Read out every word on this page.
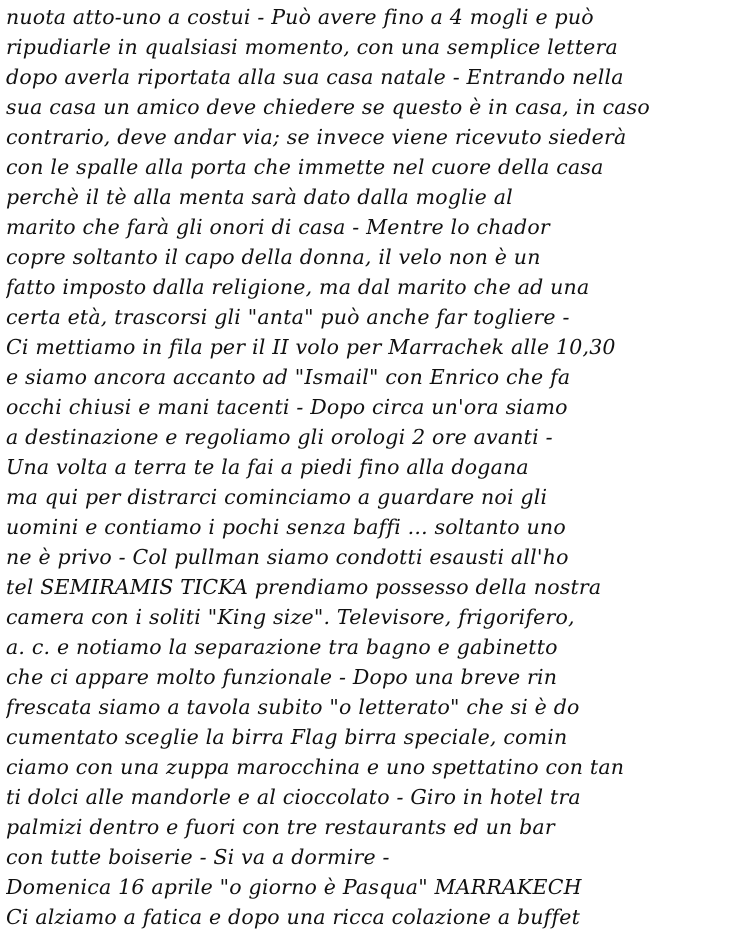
nuota atto-uno a costui - Può avere fino a 4 mogli e può
ripudiarle in qualsiasi momento, con una semplice lettera
dopo averla riportata alla sua casa natale - Entrando nella
sua casa un amico deve chiedere se questo è in casa, in caso
contrario, deve andar via; se invece viene ricevuto siederà
con le spalle alla porta che immette nel cuore della casa
perchè il tè alla menta sarà dato dalla moglie al
marito che farà gli onori di casa - Mentre lo chador
copre soltanto il capo della donna, il velo non è un
fatto imposto dalla religione, ma dal marito che ad una
certa età, trascorsi gli "anta" può anche far togliere -
Ci mettiamo in fila per il II volo per Marrachek alle 10,30
e siamo ancora accanto ad "Ismail" con Enrico che fa
occhi chiusi e mani tacenti - Dopo circa un'ora siamo
a destinazione e regoliamo gli orologi 2 ore avanti -
Una volta a terra te la fai a piedi fino alla dogana
ma qui per distrarci cominciamo a guardare noi gli
uomini e contiamo i pochi senza baffi ... soltanto uno
ne è privo - Col pullman siamo condotti esausti all'ho
tel SEMIRAMIS TICKA prendiamo possesso della nostra
camera con i soliti "King size". Televisore, frigorifero,
a. c. e notiamo la separazione tra bagno e gabinetto
che ci appare molto funzionale - Dopo una breve rin
frescata siamo a tavola subito "o letterato" che si è do
cumentato sceglie la birra Flag birra speciale, comin
ciamo con una zuppa marocchina e uno spettatino con tan
ti dolci alle mandorle e al cioccolato - Giro in hotel tra
palmizi dentro e fuori con tre restaurants ed un bar
con tutte boiserie - Si va a dormire -
Domenica 16 aprile "o giorno è Pasqua" MARRAKECH
Ci alziamo a fatica e dopo una ricca colazione a buffet
